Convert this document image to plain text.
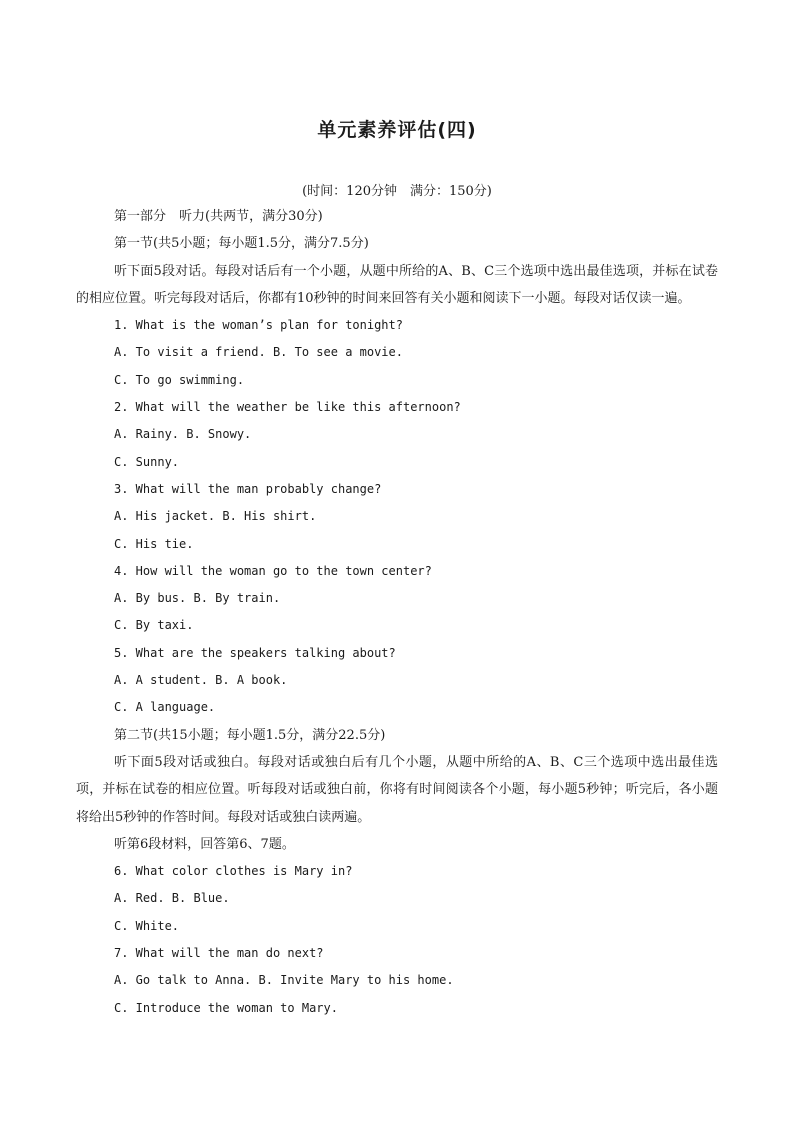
单元素养评估(四)
(时间：120分钟　满分：150分)
第一部分　听力(共两节，满分30分)
第一节(共5小题；每小题1.5分，满分7.5分)
听下面5段对话。每段对话后有一个小题，从题中所给的A、B、C三个选项中选出最佳选项，并标在试卷的相应位置。听完每段对话后，你都有10秒钟的时间来回答有关小题和阅读下一小题。每段对话仅读一遍。
1. What is the woman’s plan for tonight?
A. To visit a friend. B. To see a movie.
C. To go swimming.
2. What will the weather be like this afternoon?
A. Rainy. B. Snowy.
C. Sunny.
3. What will the man probably change?
A. His jacket. B. His shirt.
C. His tie.
4. How will the woman go to the town center?
A. By bus. B. By train.
C. By taxi.
5. What are the speakers talking about?
A. A student. B. A book.
C. A language.
第二节(共15小题；每小题1.5分，满分22.5分)
听下面5段对话或独白。每段对话或独白后有几个小题，从题中所给的A、B、C三个选项中选出最佳选项，并标在试卷的相应位置。听每段对话或独白前，你将有时间阅读各个小题，每小题5秒钟；听完后，各小题将给出5秒钟的作答时间。每段对话或独白读两遍。
听第6段材料，回答第6、7题。
6. What color clothes is Mary in?
A. Red. B. Blue.
C. White.
7. What will the man do next?
A. Go talk to Anna. B. Invite Mary to his home.
C. Introduce the woman to Mary.
